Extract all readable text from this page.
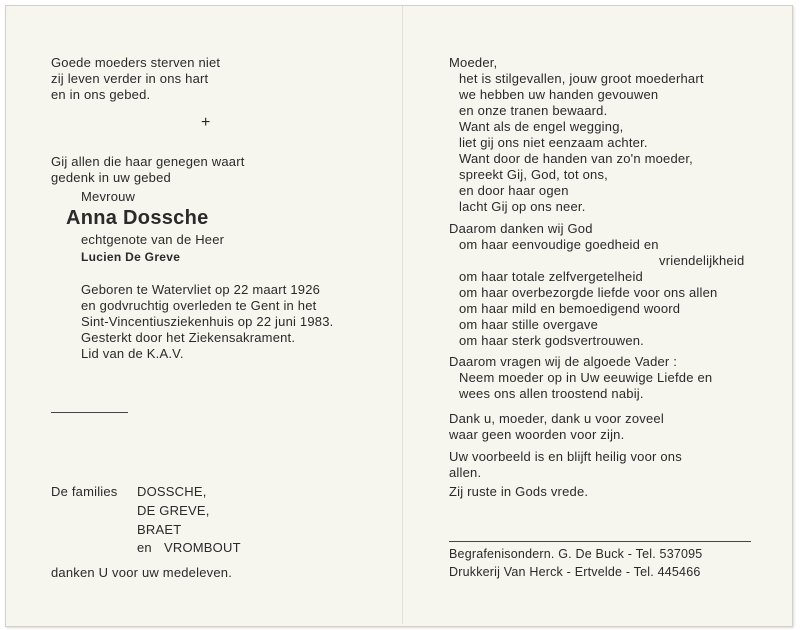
Goede moeders sterven niet
zij leven verder in ons hart
en in ons gebed.
+
Gij allen die haar genegen waart
gedenk in uw gebed
Mevrouw
Anna Dossche
echtgenote van de Heer
Lucien De Greve
Geboren te Watervliet op 22 maart 1926
en godvruchtig overleden te Gent in het
Sint-Vincentiusziekenhuis op 22 juni 1983.
Gesterkt door het Ziekensakrament.
Lid van de K.A.V.
De families DOSSCHE,
DE GREVE,
BRAET
en VROMBOUT
danken U voor uw medeleven.
Moeder,
het is stilgevallen, jouw groot moederhart
we hebben uw handen gevouwen
en onze tranen bewaard.
Want als de engel wegging,
liet gij ons niet eenzaam achter.
Want door de handen van zo'n moeder,
spreekt Gij, God, tot ons,
en door haar ogen
lacht Gij op ons neer.
Daarom danken wij God
om haar eenvoudige goedheid en
vriendelijkheid
om haar totale zelfvergetelheid
om haar overbezorgde liefde voor ons allen
om haar mild en bemoedigend woord
om haar stille overgave
om haar sterk godsvertrouwen.
Daarom vragen wij de algoede Vader :
Neem moeder op in Uw eeuwige Liefde en
wees ons allen troostend nabij.
Dank u, moeder, dank u voor zoveel
waar geen woorden voor zijn.
Uw voorbeeld is en blijft heilig voor ons
allen.
Zij ruste in Gods vrede.
Begrafenisondern. G. De Buck - Tel. 537095
Drukkerij Van Herck - Ertvelde - Tel. 445466
